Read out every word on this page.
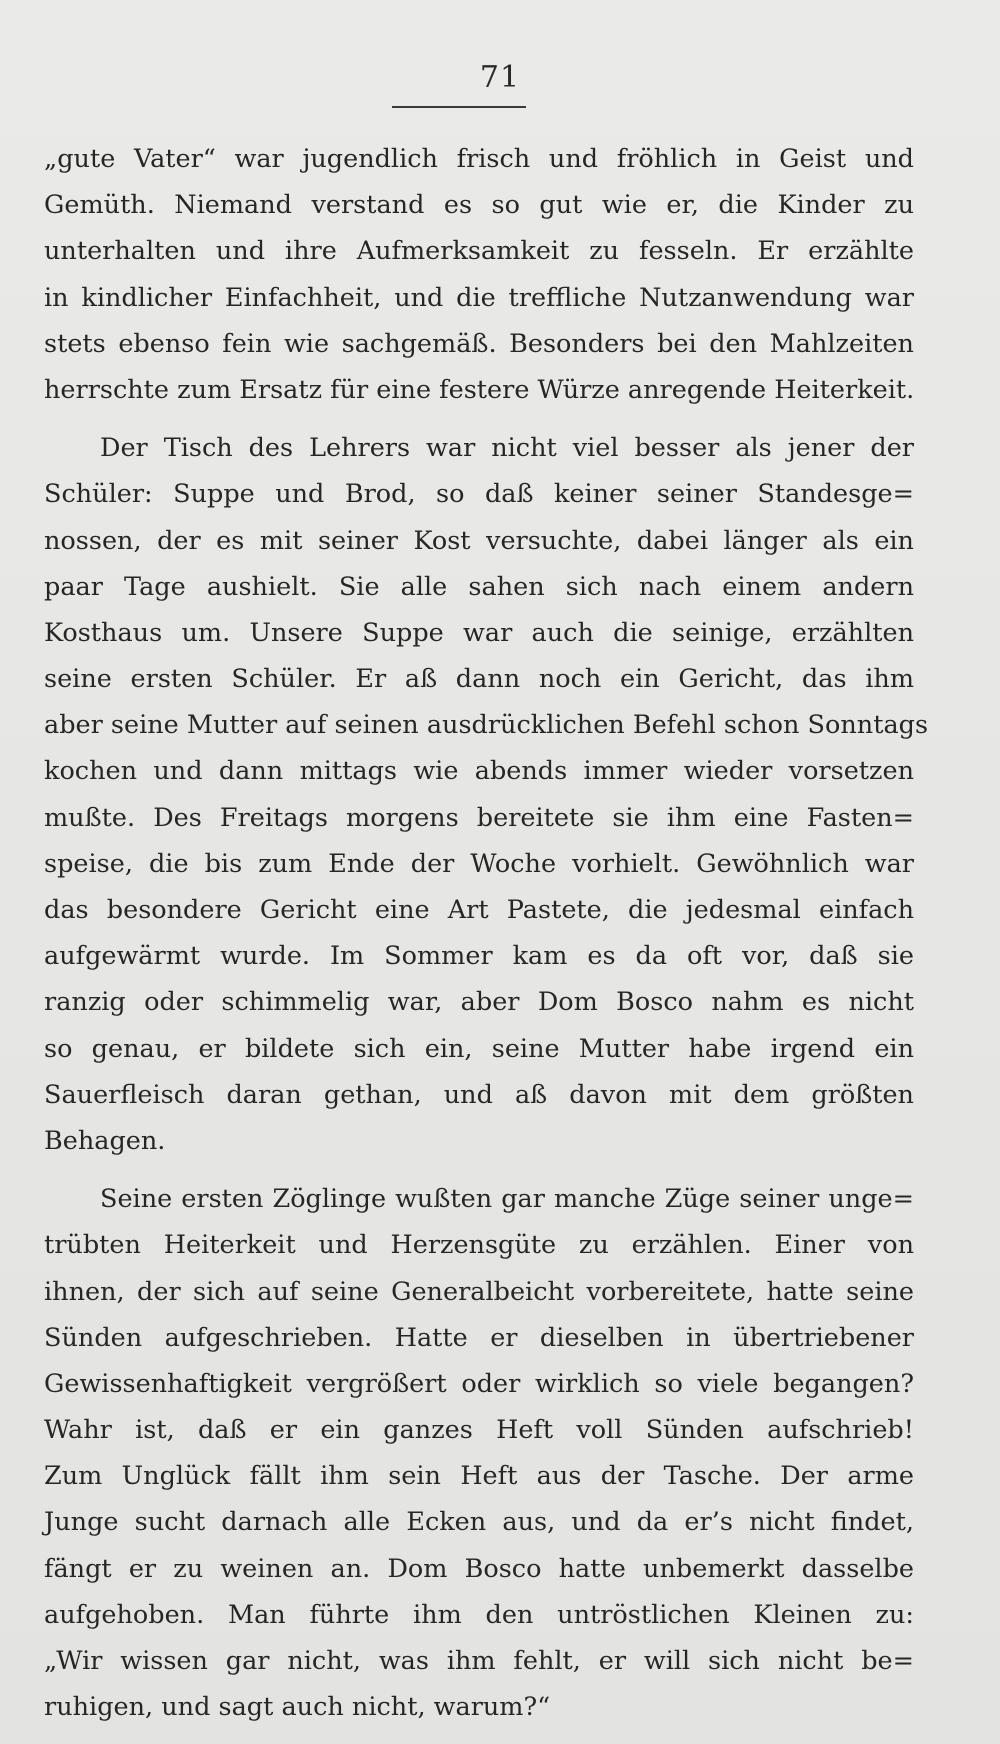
71
„gute Vater“ war jugendlich frisch und fröhlich in Geist und
Gemüth. Niemand verstand es so gut wie er, die Kinder zu
unterhalten und ihre Aufmerksamkeit zu fesseln. Er erzählte
in kindlicher Einfachheit, und die treffliche Nutzanwendung war
stets ebenso fein wie sachgemäß. Besonders bei den Mahlzeiten
herrschte zum Ersatz für eine festere Würze anregende Heiterkeit.
Der Tisch des Lehrers war nicht viel besser als jener der
Schüler: Suppe und Brod, so daß keiner seiner Standesge=
nossen, der es mit seiner Kost versuchte, dabei länger als ein
paar Tage aushielt. Sie alle sahen sich nach einem andern
Kosthaus um. Unsere Suppe war auch die seinige, erzählten
seine ersten Schüler. Er aß dann noch ein Gericht, das ihm
aber seine Mutter auf seinen ausdrücklichen Befehl schon Sonntags
kochen und dann mittags wie abends immer wieder vorsetzen
mußte. Des Freitags morgens bereitete sie ihm eine Fasten=
speise, die bis zum Ende der Woche vorhielt. Gewöhnlich war
das besondere Gericht eine Art Pastete, die jedesmal einfach
aufgewärmt wurde. Im Sommer kam es da oft vor, daß sie
ranzig oder schimmelig war, aber Dom Bosco nahm es nicht
so genau, er bildete sich ein, seine Mutter habe irgend ein
Sauerfleisch daran gethan, und aß davon mit dem größten
Behagen.
Seine ersten Zöglinge wußten gar manche Züge seiner unge=
trübten Heiterkeit und Herzensgüte zu erzählen. Einer von
ihnen, der sich auf seine Generalbeicht vorbereitete, hatte seine
Sünden aufgeschrieben. Hatte er dieselben in übertriebener
Gewissenhaftigkeit vergrößert oder wirklich so viele begangen?
Wahr ist, daß er ein ganzes Heft voll Sünden aufschrieb!
Zum Unglück fällt ihm sein Heft aus der Tasche. Der arme
Junge sucht darnach alle Ecken aus, und da er’s nicht findet,
fängt er zu weinen an. Dom Bosco hatte unbemerkt dasselbe
aufgehoben. Man führte ihm den untröstlichen Kleinen zu:
„Wir wissen gar nicht, was ihm fehlt, er will sich nicht be=
ruhigen, und sagt auch nicht, warum?“
